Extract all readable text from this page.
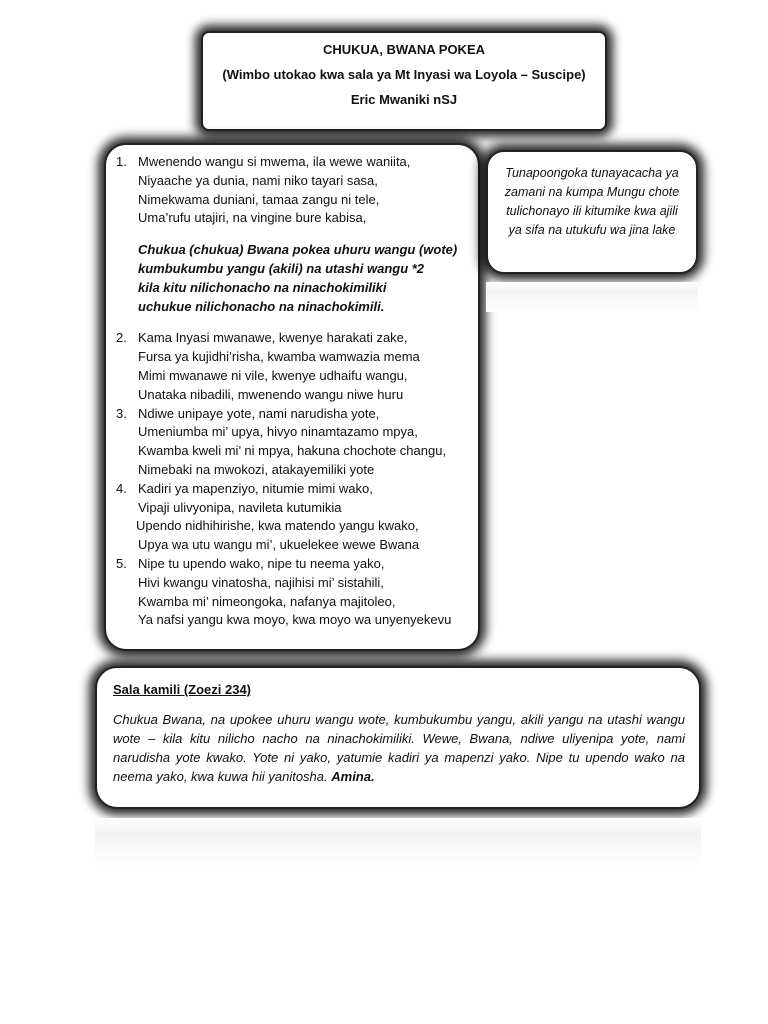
CHUKUA, BWANA POKEA
(Wimbo utokao kwa sala ya Mt Inyasi wa Loyola – Suscipe)
Eric Mwaniki nSJ
1. Mwenendo wangu si mwema, ila wewe waniita,
Niyaache ya dunia, nami niko tayari sasa,
Nimekwama duniani, tamaa zangu ni tele,
Uma’rufu utajiri, na vingine bure kabisa,
Chukua (chukua) Bwana pokea uhuru wangu (wote)
kumbukumbu yangu (akili) na utashi wangu *2
kila kitu nilichonacho na ninachokimiliki
uchukue nilichonacho na ninachokimili.
2. Kama Inyasi mwanawe, kwenye harakati zake,
Fursa ya kujidhi’risha, kwamba wamwazia mema
Mimi mwanawe ni vile, kwenye udhaifu wangu,
Unataka nibadili, mwenendo wangu niwe huru
3. Ndiwe unipaye yote, nami narudisha yote,
Umeniumba mi’ upya, hivyo ninamtazamo mpya,
Kwamba kweli mi’ ni mpya, hakuna chochote changu,
Nimebaki na mwokozi, atakayemiliki yote
4. Kadiri ya mapenziyo, nitumie mimi wako,
Vipaji ulivyonipa, navileta kutumikia
Upendo nidhihirishe, kwa matendo yangu kwako,
Upya wa utu wangu mi’, ukuelekee wewe Bwana
5. Nipe tu upendo wako, nipe tu neema yako,
Hivi kwangu vinatosha, najihisi mi’ sistahili,
Kwamba mi’ nimeongoka, nafanya majitoleo,
Ya nafsi yangu kwa moyo, kwa moyo wa unyenyekevu
Tunapoongoka tunayacacha ya zamani na kumpa Mungu chote tulichonayo ili kitumike kwa ajili ya sifa na utukufu wa jina lake
Sala kamili (Zoezi 234)
Chukua Bwana, na upokee uhuru wangu wote, kumbukumbu yangu, akili yangu na utashi wangu wote – kila kitu nilicho nacho na ninachokimiliki. Wewe, Bwana, ndiwe uliyenipa yote, nami narudisha yote kwako. Yote ni yako, yatumie kadiri ya mapenzi yako. Nipe tu upendo wako na neema yako, kwa kuwa hii yanitosha. Amina.
